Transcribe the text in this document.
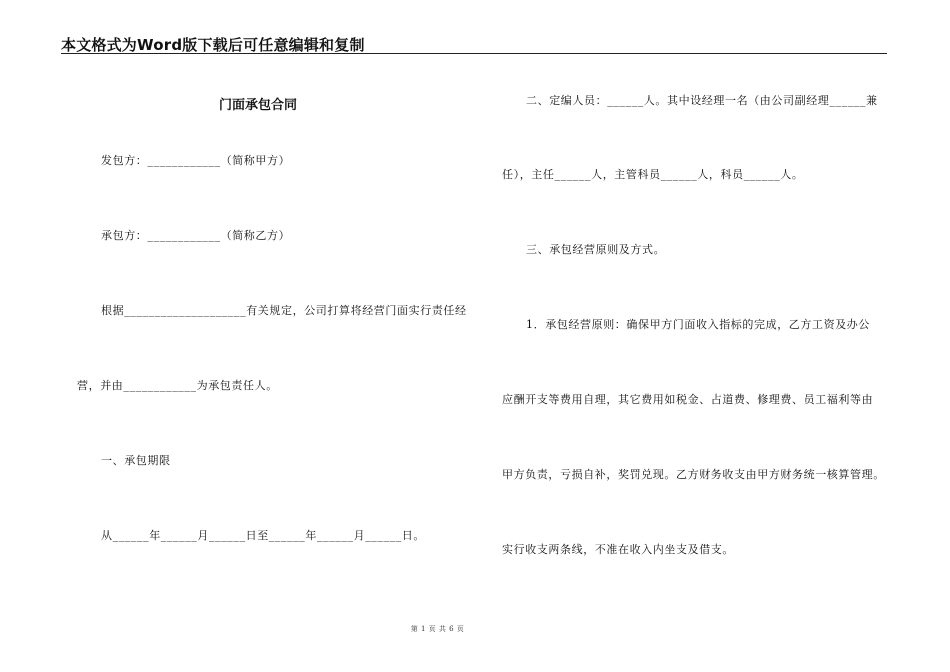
本文格式为Word版下载后可任意编辑和复制
门面承包合同
发包方：____________（简称甲方）
承包方：____________（简称乙方）
根据____________________有关规定，公司打算将经营门面实行责任经
营，并由____________为承包责任人。
一、承包期限
从______年______月______日至______年______月______日。
二、定编人员：______人。其中设经理一名（由公司副经理______兼
任），主任______人，主管科员______人，科员______人。
三、承包经营原则及方式。
1．承包经营原则：确保甲方门面收入指标的完成，乙方工资及办公
应酬开支等费用自理，其它费用如税金、占道费、修理费、员工福利等由
甲方负责，亏损自补，奖罚兑现。乙方财务收支由甲方财务统一核算管理。
实行收支两条线，不准在收入内坐支及借支。
第 1 页 共 6 页
